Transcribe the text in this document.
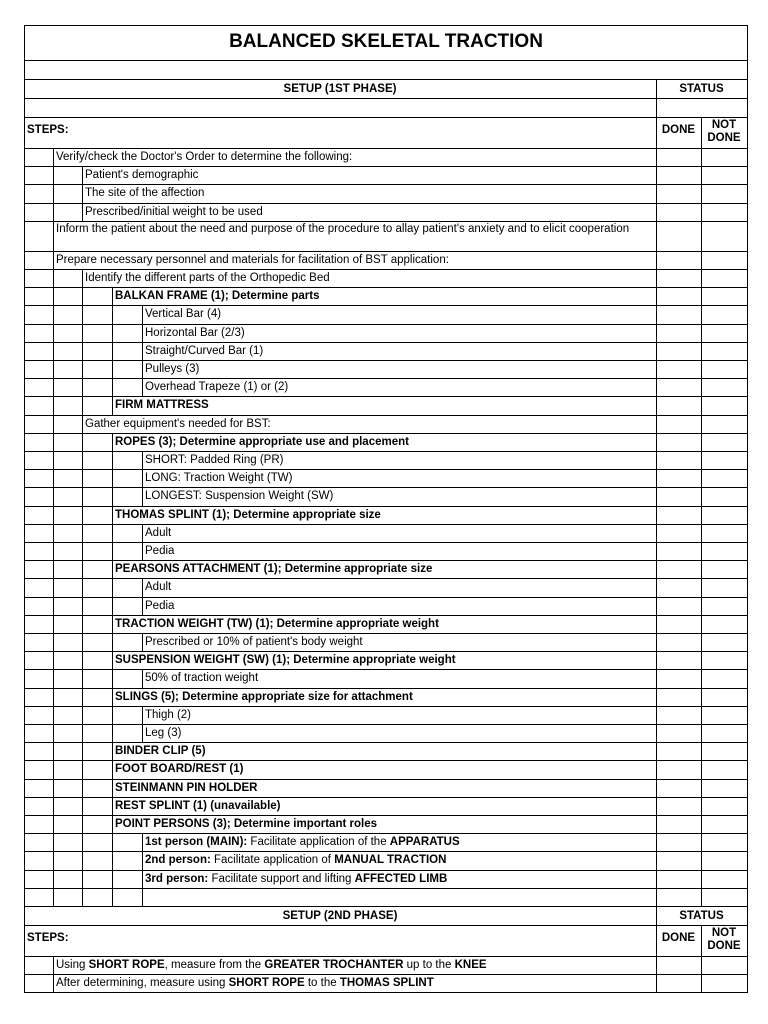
BALANCED SKELETAL TRACTION
SETUP (1ST PHASE)	STATUS
STEPS:	DONE	NOT DONE
Verify/check the Doctor's Order to determine the following:
Patient's demographic
The site of the affection
Prescribed/initial weight to be used
Inform the patient about the need and purpose of the procedure to allay patient's anxiety and to elicit cooperation
Prepare necessary personnel and materials for facilitation of BST application:
Identify the different parts of the Orthopedic Bed
BALKAN FRAME (1); Determine parts
Vertical Bar (4)
Horizontal Bar (2/3)
Straight/Curved Bar (1)
Pulleys (3)
Overhead Trapeze (1) or (2)
FIRM MATTRESS
Gather equipment's needed for BST:
ROPES (3); Determine appropriate use and placement
SHORT: Padded Ring (PR)
LONG: Traction Weight (TW)
LONGEST: Suspension Weight (SW)
THOMAS SPLINT (1); Determine appropriate size
Adult
Pedia
PEARSONS ATTACHMENT (1); Determine appropriate size
Adult
Pedia
TRACTION WEIGHT (TW) (1); Determine appropriate weight
Prescribed or 10% of patient's body weight
SUSPENSION WEIGHT (SW) (1); Determine appropriate weight
50% of traction weight
SLINGS (5); Determine appropriate size for attachment
Thigh (2)
Leg (3)
BINDER CLIP (5)
FOOT BOARD/REST (1)
STEINMANN PIN HOLDER
REST SPLINT (1) (unavailable)
POINT PERSONS (3); Determine important roles
1st person (MAIN): Facilitate application of the APPARATUS
2nd person: Facilitate application of MANUAL TRACTION
3rd person: Facilitate support and lifting AFFECTED LIMB
SETUP (2ND PHASE)	STATUS
STEPS:	DONE	NOT DONE
Using SHORT ROPE, measure from the GREATER TROCHANTER up to the KNEE
After determining, measure using SHORT ROPE to the THOMAS SPLINT
